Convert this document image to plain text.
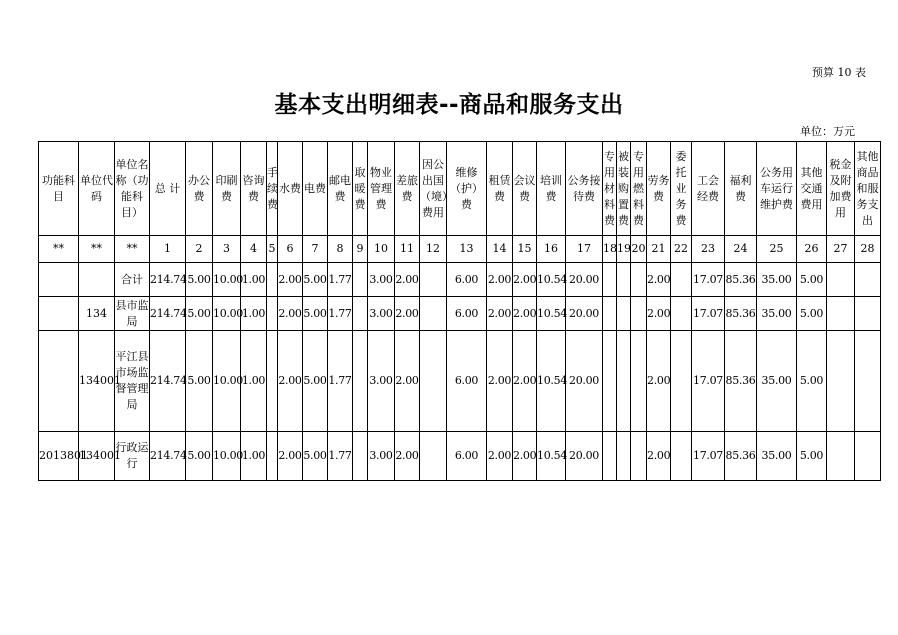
预算 10 表
基本支出明细表--商品和服务支出
单位：万元
功能科目	单位代码	单位名称（功能科目）	总 计	办公费	印刷费	咨询费	手续费	水费	电费	邮电费	取暖费	物业管理费	差旅费	因公出国（境）费用	维修（护）费	租赁费	会议费	培训费	公务接待费	专用材料费	被装购置费	专用燃料费	劳务费	委托业务费	工会经费	福利费	公务用车运行维护费	其他交通费用	税金及附加费用	其他商品和服务支出
**	**	**	1	2	3	4	5	6	7	8	9	10	11	12	13	14	15	16	17	18	19	20	21	22	23	24	25	26	27	28
		合计	214.74	5.00	10.00	1.00		2.00	5.00	1.77		3.00	2.00		6.00	2.00	2.00	10.54	20.00				2.00		17.07	85.36	35.00	5.00		
	134	县市监局	214.74	5.00	10.00	1.00		2.00	5.00	1.77		3.00	2.00		6.00	2.00	2.00	10.54	20.00				2.00		17.07	85.36	35.00	5.00		
	134001	平江县市场监督管理局	214.74	5.00	10.00	1.00		2.00	5.00	1.77		3.00	2.00		6.00	2.00	2.00	10.54	20.00				2.00		17.07	85.36	35.00	5.00		
2013801	134001	行政运行	214.74	5.00	10.00	1.00		2.00	5.00	1.77		3.00	2.00		6.00	2.00	2.00	10.54	20.00				2.00		17.07	85.36	35.00	5.00		
